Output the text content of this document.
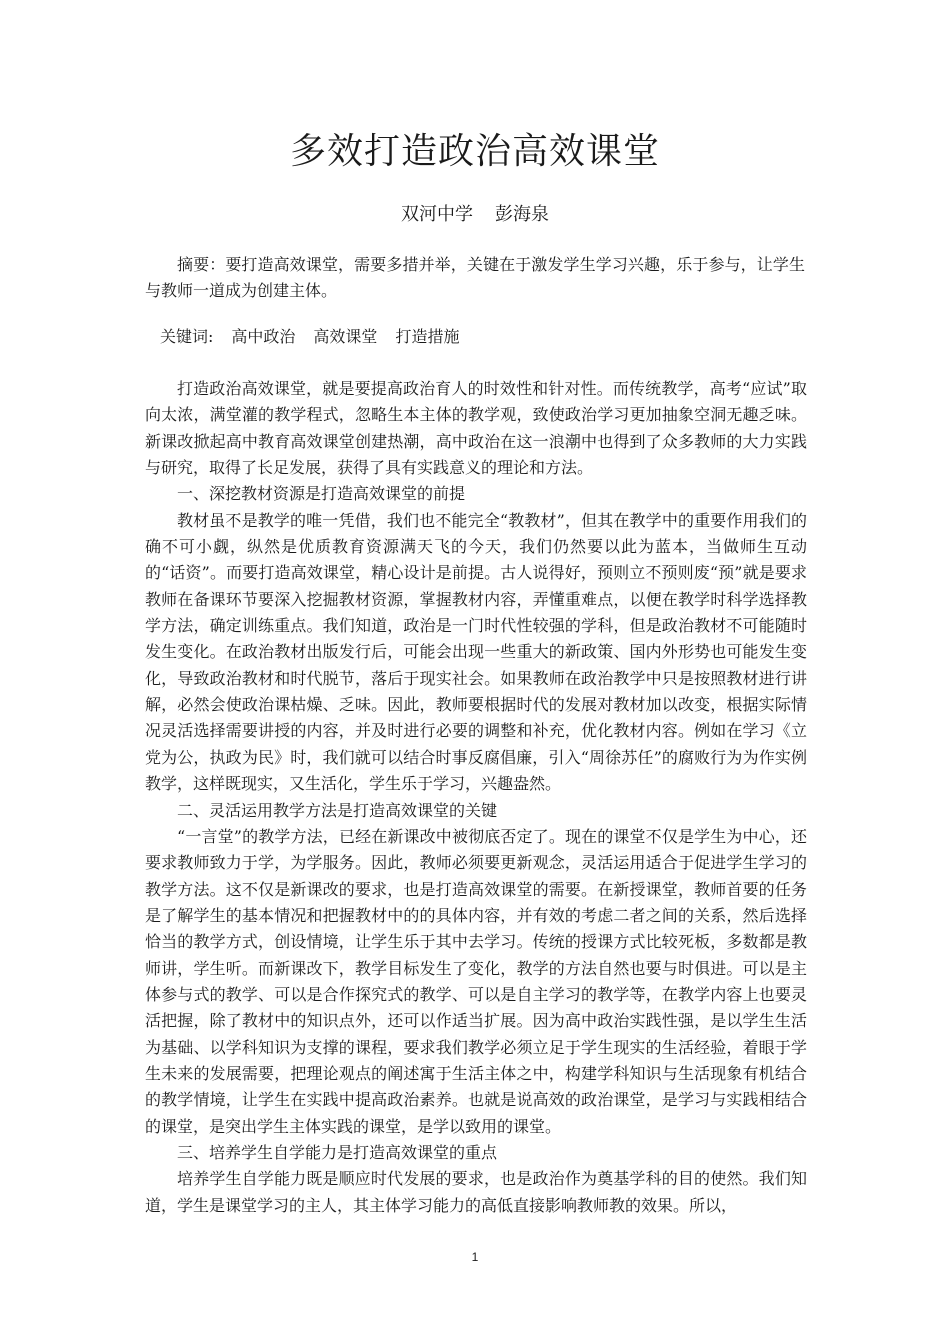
多效打造政治高效课堂
双河中学 彭海泉

摘要：要打造高效课堂，需要多措并举，关键在于激发学生学习兴趣，乐于参与，让学生与教师一道成为创建主体。

关键词: 高中政治 高效课堂 打造措施

打造政治高效课堂，就是要提高政治育人的时效性和针对性。而传统教学，高考“应试”取向太浓，满堂灌的教学程式，忽略生本主体的教学观，致使政治学习更加抽象空洞无趣乏味。新课改掀起高中教育高效课堂创建热潮，高中政治在这一浪潮中也得到了众多教师的大力实践与研究，取得了长足发展，获得了具有实践意义的理论和方法。

一、深挖教材资源是打造高效课堂的前提

教材虽不是教学的唯一凭借，我们也不能完全“教教材”，但其在教学中的重要作用我们的确不可小觑，纵然是优质教育资源满天飞的今天，我们仍然要以此为蓝本，当做师生互动的“话资”。而要打造高效课堂，精心设计是前提。古人说得好，预则立不预则废“预”就是要求教师在备课环节要深入挖掘教材资源，掌握教材内容，弄懂重难点，以便在教学时科学选择教学方法，确定训练重点。我们知道，政治是一门时代性较强的学科，但是政治教材不可能随时发生变化。在政治教材出版发行后，可能会出现一些重大的新政策、国内外形势也可能发生变化，导致政治教材和时代脱节，落后于现实社会。如果教师在政治教学中只是按照教材进行讲解，必然会使政治课枯燥、乏味。因此，教师要根据时代的发展对教材加以改变，根据实际情况灵活选择需要讲授的内容，并及时进行必要的调整和补充，优化教材内容。例如在学习《立党为公，执政为民》时，我们就可以结合时事反腐倡廉，引入“周徐苏任”的腐败行为为作实例教学，这样既现实，又生活化，学生乐于学习，兴趣盎然。

二、灵活运用教学方法是打造高效课堂的关键

“一言堂”的教学方法，已经在新课改中被彻底否定了。现在的课堂不仅是学生为中心，还要求教师致力于学，为学服务。因此，教师必须要更新观念，灵活运用适合于促进学生学习的教学方法。这不仅是新课改的要求，也是打造高效课堂的需要。在新授课堂，教师首要的任务是了解学生的基本情况和把握教材中的的具体内容，并有效的考虑二者之间的关系，然后选择恰当的教学方式，创设情境，让学生乐于其中去学习。传统的授课方式比较死板，多数都是教师讲，学生听。而新课改下，教学目标发生了变化，教学的方法自然也要与时俱进。可以是主体参与式的教学、可以是合作探究式的教学、可以是自主学习的教学等，在教学内容上也要灵活把握，除了教材中的知识点外，还可以作适当扩展。因为高中政治实践性强，是以学生生活为基础、以学科知识为支撑的课程，要求我们教学必须立足于学生现实的生活经验，着眼于学生未来的发展需要，把理论观点的阐述寓于生活主体之中，构建学科知识与生活现象有机结合的教学情境，让学生在实践中提高政治素养。也就是说高效的政治课堂，是学习与实践相结合的课堂，是突出学生主体实践的课堂，是学以致用的课堂。

三、培养学生自学能力是打造高效课堂的重点

培养学生自学能力既是顺应时代发展的要求，也是政治作为奠基学科的目的使然。我们知道，学生是课堂学习的主人，其主体学习能力的高低直接影响教师教的效果。所以，

1
